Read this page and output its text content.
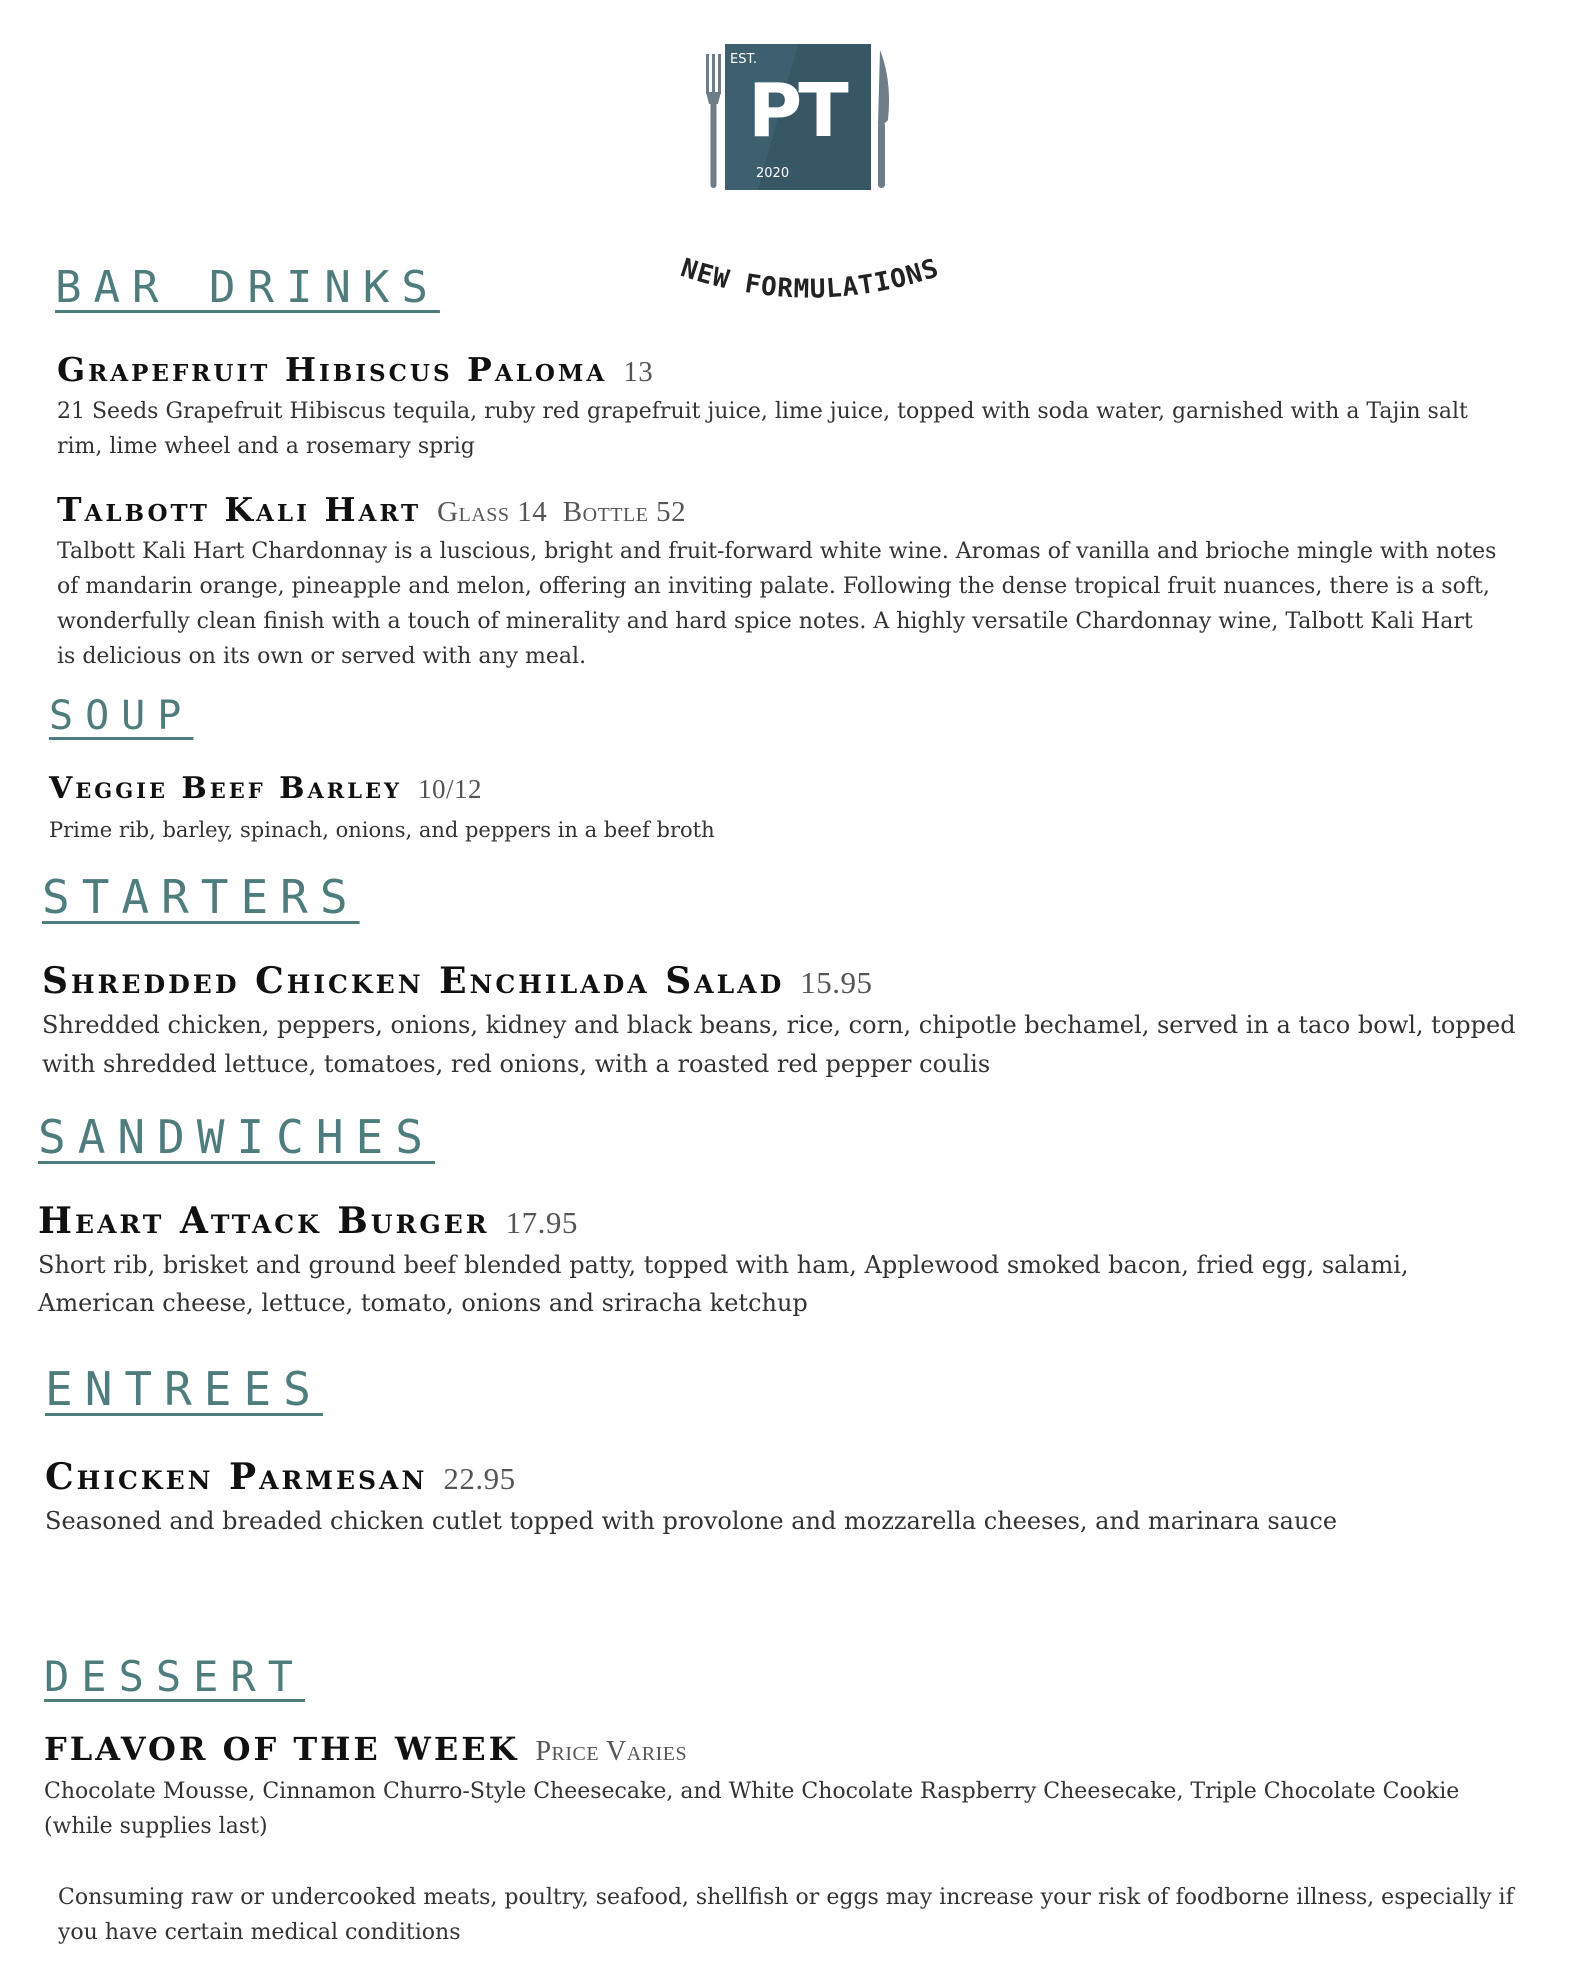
EST.
PT
2020
NEW FORMULATIONS
BAR DRINKS
Grapefruit Hibiscus Paloma 13

21 Seeds Grapefruit Hibiscus tequila, ruby red grapefruit juice, lime juice, topped with soda water, garnished with a Tajin salt rim, lime wheel and a rosemary sprig

Talbott Kali Hart Glass 14  Bottle 52

Talbott Kali Hart Chardonnay is a luscious, bright and fruit-forward white wine. Aromas of vanilla and brioche mingle with notes of mandarin orange, pineapple and melon, offering an inviting palate. Following the dense tropical fruit nuances, there is a soft, wonderfully clean finish with a touch of minerality and hard spice notes. A highly versatile Chardonnay wine, Talbott Kali Hart is delicious on its own or served with any meal.

SOUP
Veggie Beef Barley 10/12

Prime rib, barley, spinach, onions, and peppers in a beef broth

STARTERS
Shredded Chicken Enchilada Salad 15.95

Shredded chicken, peppers, onions, kidney and black beans, rice, corn, chipotle bechamel, served in a taco bowl, topped with shredded lettuce, tomatoes, red onions, with a roasted red pepper coulis

SANDWICHES
Heart Attack Burger 17.95

Short rib, brisket and ground beef blended patty, topped with ham, Applewood smoked bacon, fried egg, salami, American cheese, lettuce, tomato, onions and sriracha ketchup

ENTREES
Chicken Parmesan 22.95

Seasoned and breaded chicken cutlet topped with provolone and mozzarella cheeses, and marinara sauce

DESSERT
FLAVOR OF THE WEEK Price Varies

Chocolate Mousse, Cinnamon Churro-Style Cheesecake, and White Chocolate Raspberry Cheesecake, Triple Chocolate Cookie (while supplies last)

Consuming raw or undercooked meats, poultry, seafood, shellfish or eggs may increase your risk of foodborne illness, especially if you have certain medical conditions
